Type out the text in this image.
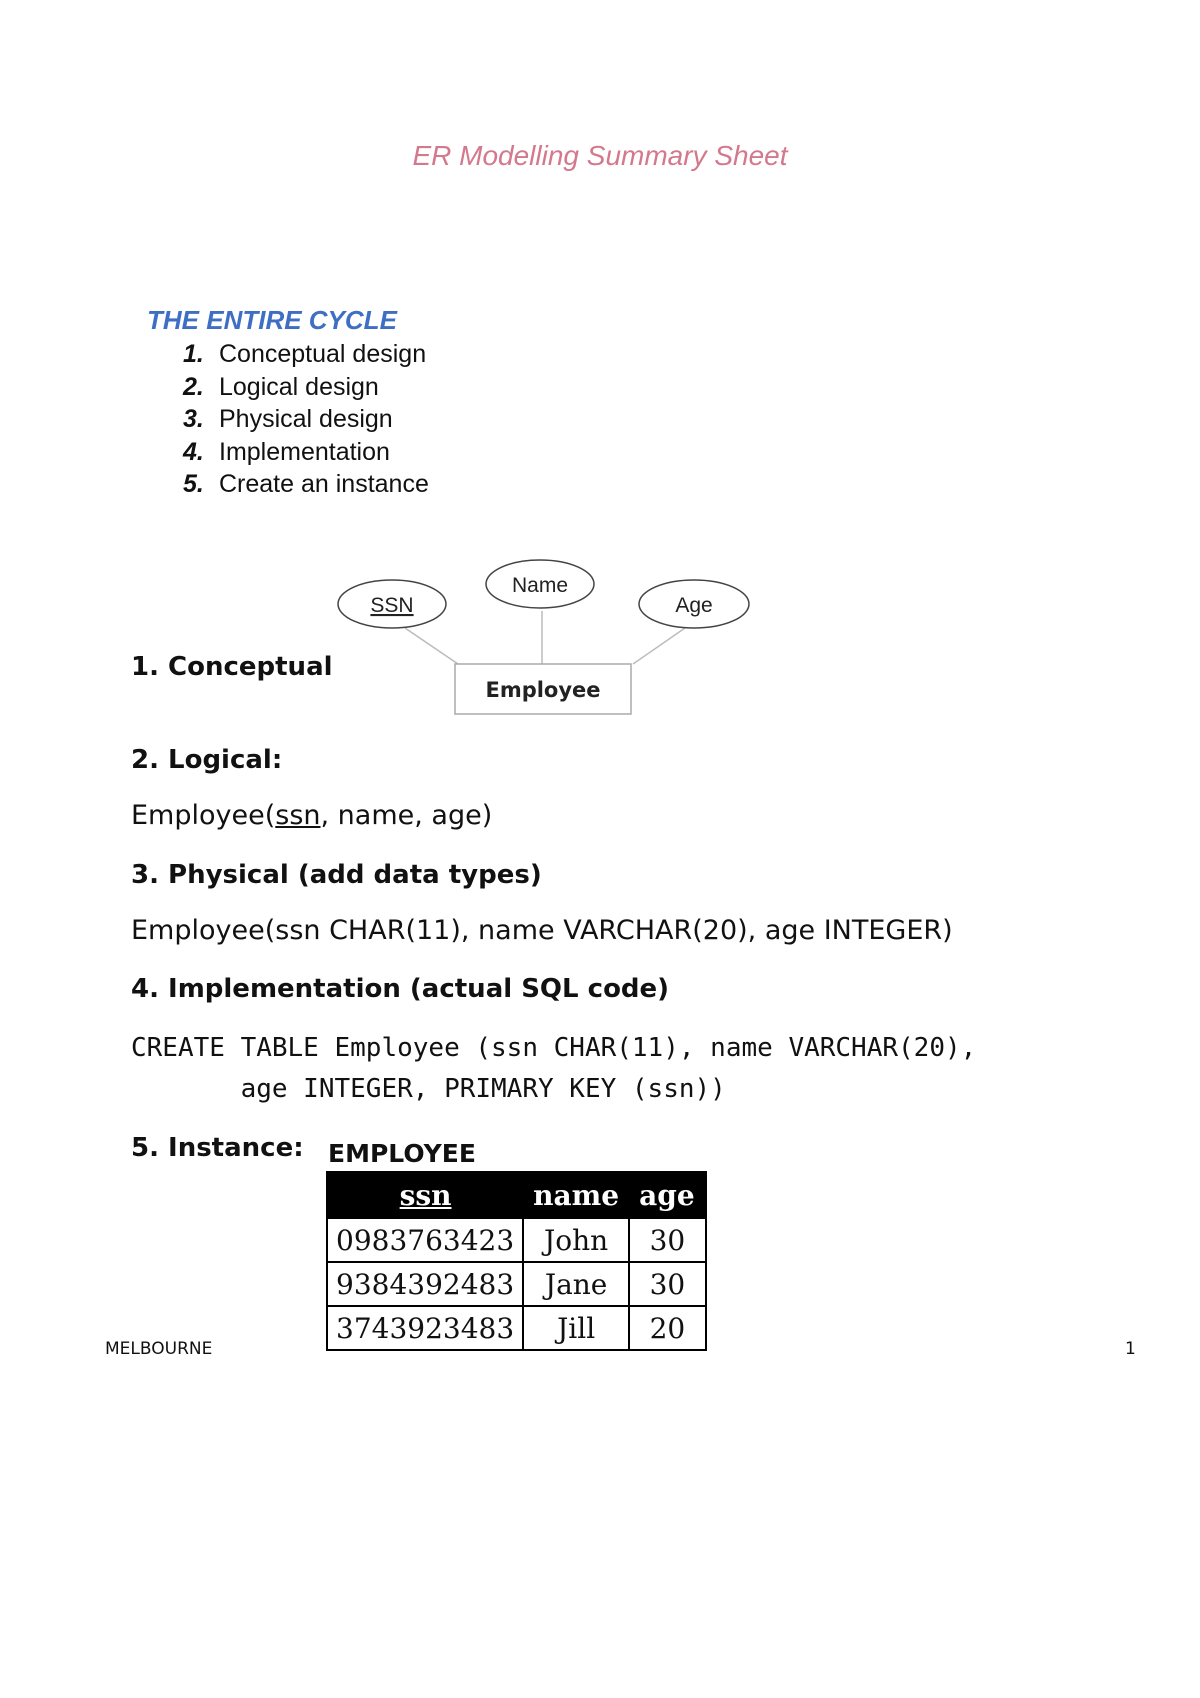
ER Modelling Summary Sheet
THE ENTIRE CYCLE
1. Conceptual design
2. Logical design
3. Physical design
4. Implementation
5. Create an instance
SSN
Name
Age
Employee
1. Conceptual
2. Logical:
Employee(ssn, name, age)
3. Physical (add data types)
Employee(ssn CHAR(11), name VARCHAR(20), age INTEGER)
4. Implementation (actual SQL code)
CREATE TABLE Employee (ssn CHAR(11), name VARCHAR(20),
age INTEGER, PRIMARY KEY (ssn))
5. Instance: EMPLOYEE
ssn	name	age
0983763423	John	30
9384392483	Jane	30
3743923483	Jill	20
MELBOURNE	1
